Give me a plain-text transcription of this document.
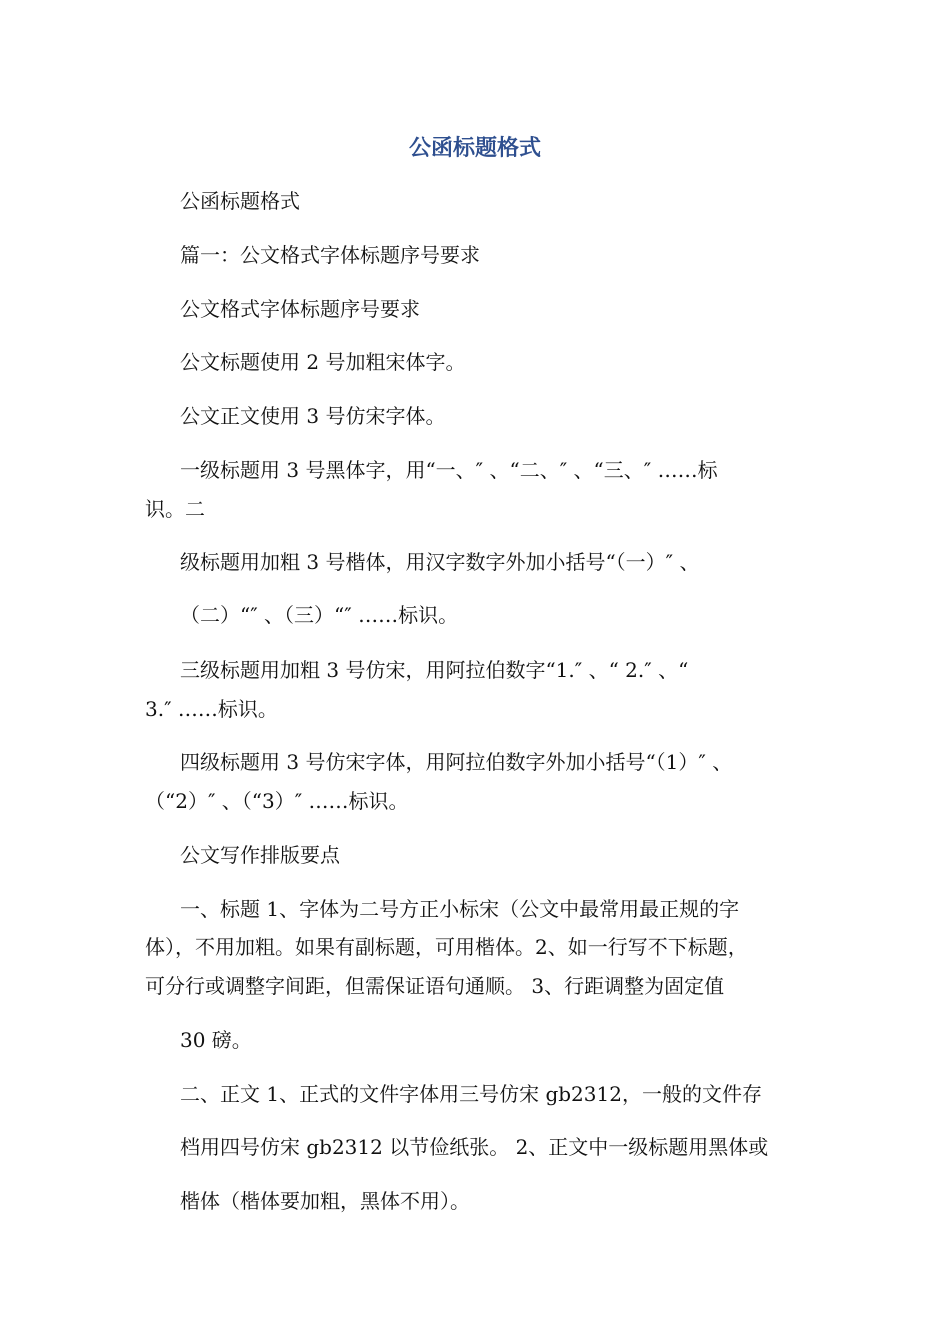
公函标题格式

公函标题格式

篇一：公文格式字体标题序号要求

公文格式字体标题序号要求

公文标题使用 2 号加粗宋体字。

公文正文使用 3 号仿宋字体。

一级标题用 3 号黑体字，用“一、″ 、“二、″ 、“三、″ ……标

识。二

级标题用加粗 3 号楷体，用汉字数字外加小括号“（一）″ 、

（二）“″ 、（三）“″ ……标识。

三级标题用加粗 3 号仿宋，用阿拉伯数字“1.″ 、“ 2.″ 、“

3.″ ……标识。

四级标题用 3 号仿宋字体，用阿拉伯数字外加小括号“（1）″ 、

（“2）″ 、（“3）″ ……标识。

公文写作排版要点

一、标题 1、字体为二号方正小标宋（公文中最常用最正规的字

体），不用加粗。如果有副标题，可用楷体。2、如一行写不下标题，

可分行或调整字间距，但需保证语句通顺。 3、行距调整为固定值

30 磅。

二、正文 1、正式的文件字体用三号仿宋 gb2312，一般的文件存

档用四号仿宋 gb2312 以节俭纸张。 2、正文中一级标题用黑体或

楷体（楷体要加粗，黑体不用）。
